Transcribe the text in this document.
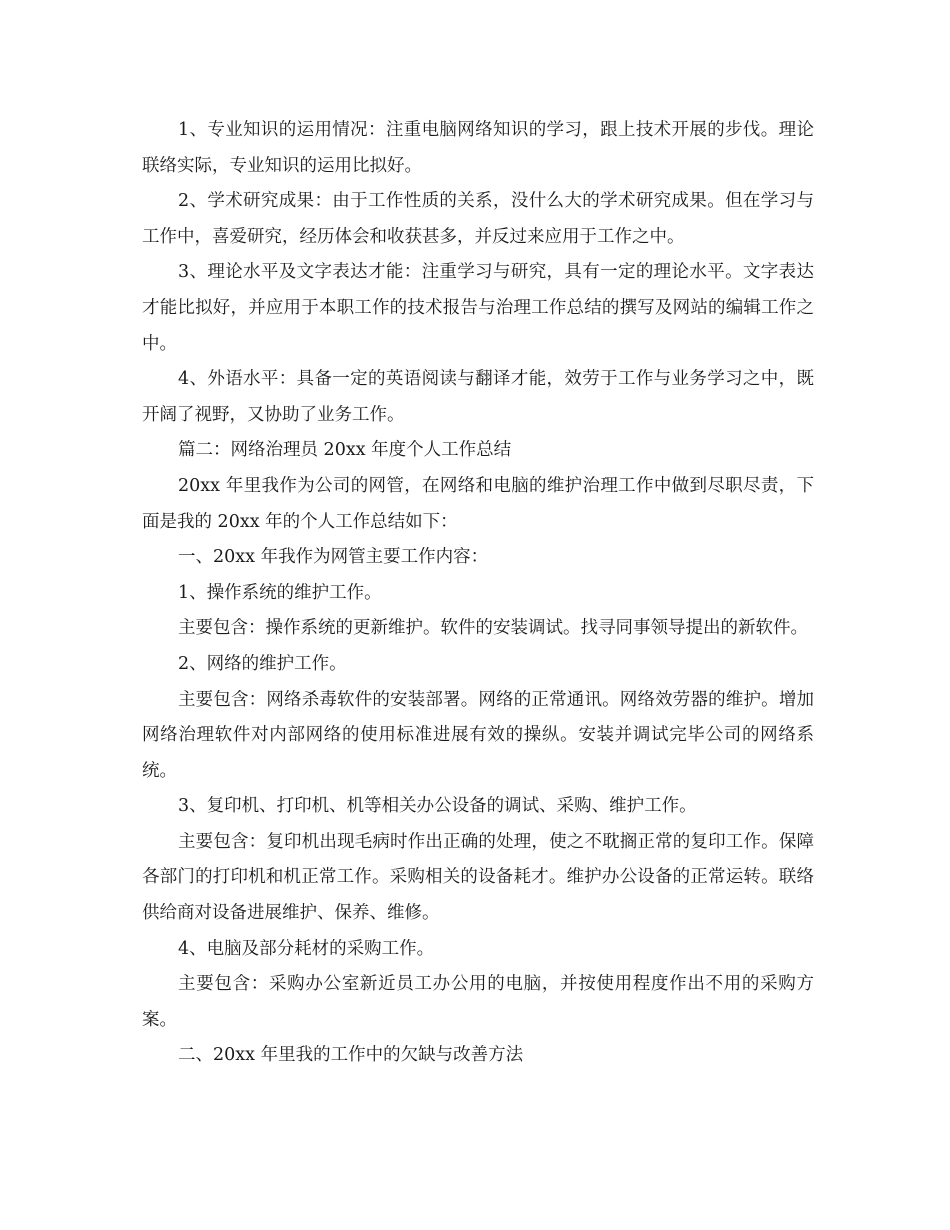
1、专业知识的运用情况：注重电脑网络知识的学习，跟上技术开展的步伐。理论联络实际，专业知识的运用比拟好。

2、学术研究成果：由于工作性质的关系，没什么大的学术研究成果。但在学习与工作中，喜爱研究，经历体会和收获甚多，并反过来应用于工作之中。

3、理论水平及文字表达才能：注重学习与研究，具有一定的理论水平。文字表达才能比拟好，并应用于本职工作的技术报告与治理工作总结的撰写及网站的编辑工作之中。

4、外语水平：具备一定的英语阅读与翻译才能，效劳于工作与业务学习之中，既开阔了视野，又协助了业务工作。

篇二：网络治理员 20xx 年度个人工作总结

20xx 年里我作为公司的网管，在网络和电脑的维护治理工作中做到尽职尽责，下面是我的 20xx 年的个人工作总结如下：

一、20xx 年我作为网管主要工作内容：

1、操作系统的维护工作。

主要包含：操作系统的更新维护。软件的安装调试。找寻同事领导提出的新软件。

2、网络的维护工作。

主要包含：网络杀毒软件的安装部署。网络的正常通讯。网络效劳器的维护。增加网络治理软件对内部网络的使用标准进展有效的操纵。安装并调试完毕公司的网络系统。

3、复印机、打印机、机等相关办公设备的调试、采购、维护工作。

主要包含：复印机出现毛病时作出正确的处理，使之不耽搁正常的复印工作。保障各部门的打印机和机正常工作。采购相关的设备耗才。维护办公设备的正常运转。联络供给商对设备进展维护、保养、维修。

4、电脑及部分耗材的采购工作。

主要包含：采购办公室新近员工办公用的电脑，并按使用程度作出不用的采购方案。

二、20xx 年里我的工作中的欠缺与改善方法
